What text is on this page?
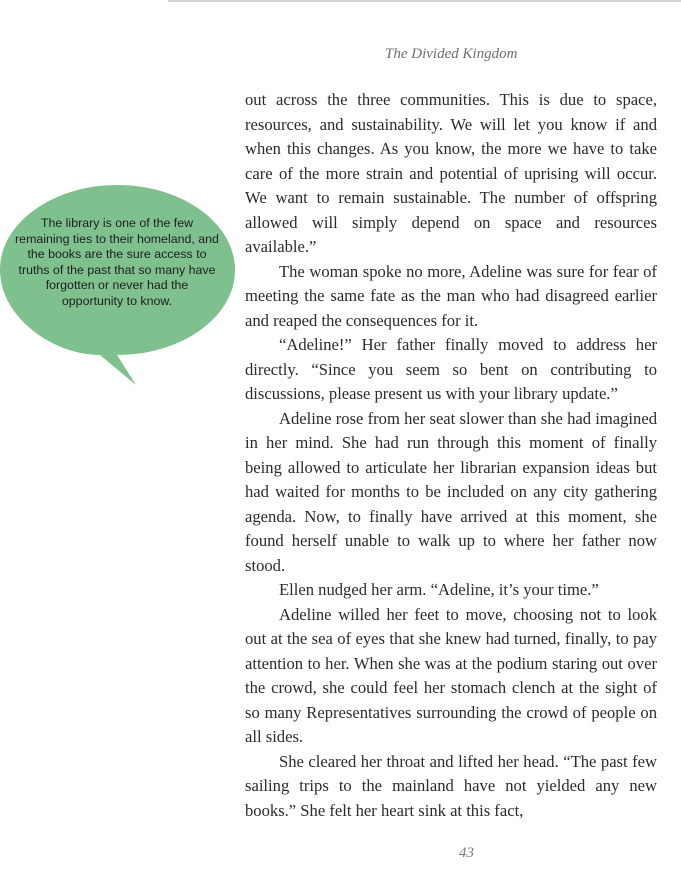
The Divided Kingdom
The library is one of the few remaining ties to their homeland, and the books are the sure access to truths of the past that so many have forgotten or never had the opportunity to know.

out across the three communities. This is due to space, resources, and sustainability. We will let you know if and when this changes. As you know, the more we have to take care of the more strain and potential of uprising will occur. We want to remain sustainable. The number of offspring allowed will simply depend on space and resources available.”

The woman spoke no more, Adeline was sure for fear of meeting the same fate as the man who had disagreed earlier and reaped the consequences for it.

“Adeline!” Her father finally moved to address her directly. “Since you seem so bent on contributing to discussions, please present us with your library update.”

Adeline rose from her seat slower than she had imagined in her mind. She had run through this moment of finally being allowed to articulate her librarian expansion ideas but had waited for months to be included on any city gathering agenda. Now, to finally have arrived at this moment, she found herself unable to walk up to where her father now stood.

Ellen nudged her arm. “Adeline, it’s your time.”

Adeline willed her feet to move, choosing not to look out at the sea of eyes that she knew had turned, finally, to pay attention to her. When she was at the podium staring out over the crowd, she could feel her stomach clench at the sight of so many Representatives surrounding the crowd of people on all sides.

She cleared her throat and lifted her head. “The past few sailing trips to the mainland have not yielded any new books.” She felt her heart sink at this fact,

43
